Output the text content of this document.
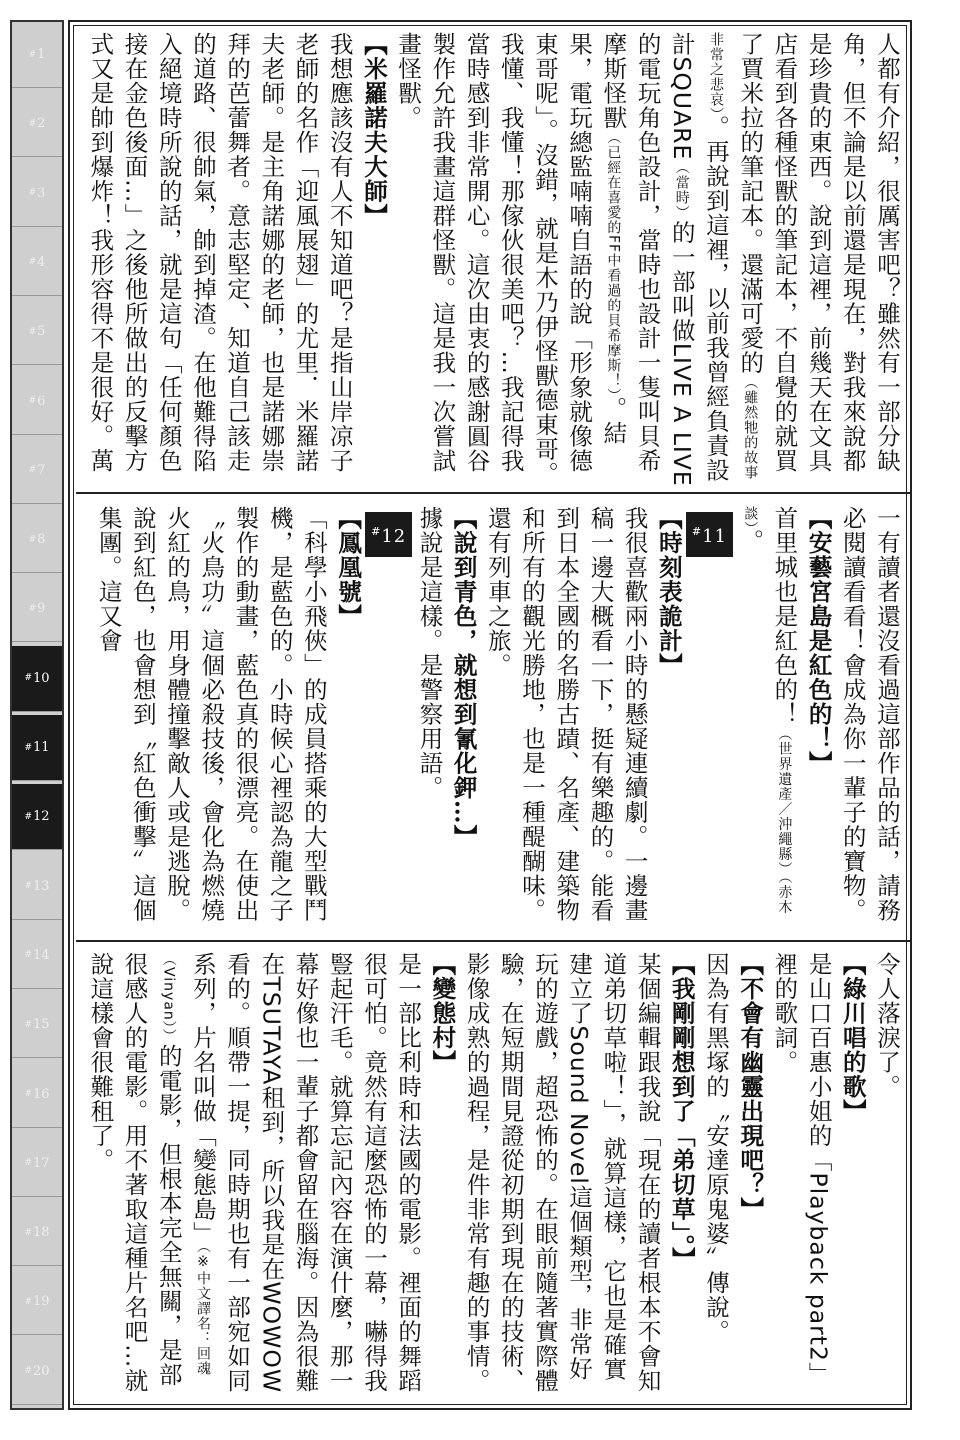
# 1
# 2
# 3
# 4
# 5
# 6
# 7
# 8
# 9
# 10
# 11
# 12
# 13
# 14
# 15
# 16
# 17
# 18
# 19
# 20
人都有介紹，很厲害吧？雖然有一部分缺角，但不論是以前還是現在，對我來說都是珍貴的東西。說到這裡，前幾天在文具店看到各種怪獸的筆記本，不自覺的就買了賈米拉的筆記本。還滿可愛的（雖然牠的故事非常之悲哀）。再說到這裡，以前我曾經負責設計SQUARE（當時）的一部叫做LIVE A LIVE的電玩角色設計，當時也設計一隻叫貝希摩斯怪獸（已經在喜愛的FF中看過的貝希摩斯！）。結果，電玩總監喃喃自語的說「形象就像德東哥呢」。沒錯，就是木乃伊怪獸德東哥。我懂、我懂！那傢伙很美吧？…我記得我當時感到非常開心。這次由衷的感謝圓谷製作允許我畫這群怪獸。這是我一次嘗試畫怪獸。
【米羅諾夫大師】
我想應該沒有人不知道吧？是指山岸凉子老師的名作「迎風展翅」的尤里．米羅諾夫老師。是主角諾娜的老師，也是諾娜崇拜的芭蕾舞者。意志堅定、知道自己該走的道路、很帥氣，帥到掉渣。在他難得陷入絕境時所說的話，就是這句「任何顏色接在金色後面…」之後他所做出的反擊方式又是帥到爆炸！我形容得不是很好。萬
一有讀者還沒看過這部作品的話，請務必閱讀看看！會成為你一輩子的寶物。
【安藝宮島是紅色的！】
首里城也是紅色的！（世界遺產／沖繩縣）（赤木談）。
#11
【時刻表詭計】
我很喜歡兩小時的懸疑連續劇。一邊畫稿一邊大概看一下，挺有樂趣的。能看到日本全國的名勝古蹟、名產、建築物和所有的觀光勝地，也是一種醍醐味。還有列車之旅。
【說到青色，就想到氰化鉀…】
據說是這樣。是警察用語。
#12
【鳳凰號】
「科學小飛俠」的成員搭乘的大型戰鬥機，是藍色的。小時候心裡認為龍之子製作的動畫，藍色真的很漂亮。在使出〝火鳥功〞這個必殺技後，會化為燃燒火紅的鳥，用身體撞擊敵人或是逃脫。說到紅色，也會想到〝紅色衝擊〞這個集團。這又會
令人落淚了。
【綠川唱的歌】
是山口百惠小姐的「Playback part2」裡的歌詞。
【不會有幽靈出現吧？】
因為有黑塚的〝安達原鬼婆〞傳說。
【我剛剛想到了「弟切草」。】
某個編輯跟我說「現在的讀者根本不會知道弟切草啦！」，就算這樣，它也是確實建立了Sound Novel這個類型，非常好玩的遊戲，超恐怖的。在眼前隨著實際體驗，在短期間見證從初期到現在的技術、影像成熟的過程，是件非常有趣的事情。
【變態村】
是一部比利時和法國的電影。裡面的舞蹈很可怕。竟然有這麼恐怖的一幕，嚇得我豎起汗毛。就算忘記內容在演什麼，那一幕好像也一輩子都會留在腦海。因為很難在TSUTAYA租到，所以我是在WOWOW看的。順帶一提，同時期也有一部宛如同系列，片名叫做「變態島」（※中文譯名：回魂（Vinyan））的電影，但根本完全無關，是部很感人的電影。用不著取這種片名吧…就說這樣會很難租了。
